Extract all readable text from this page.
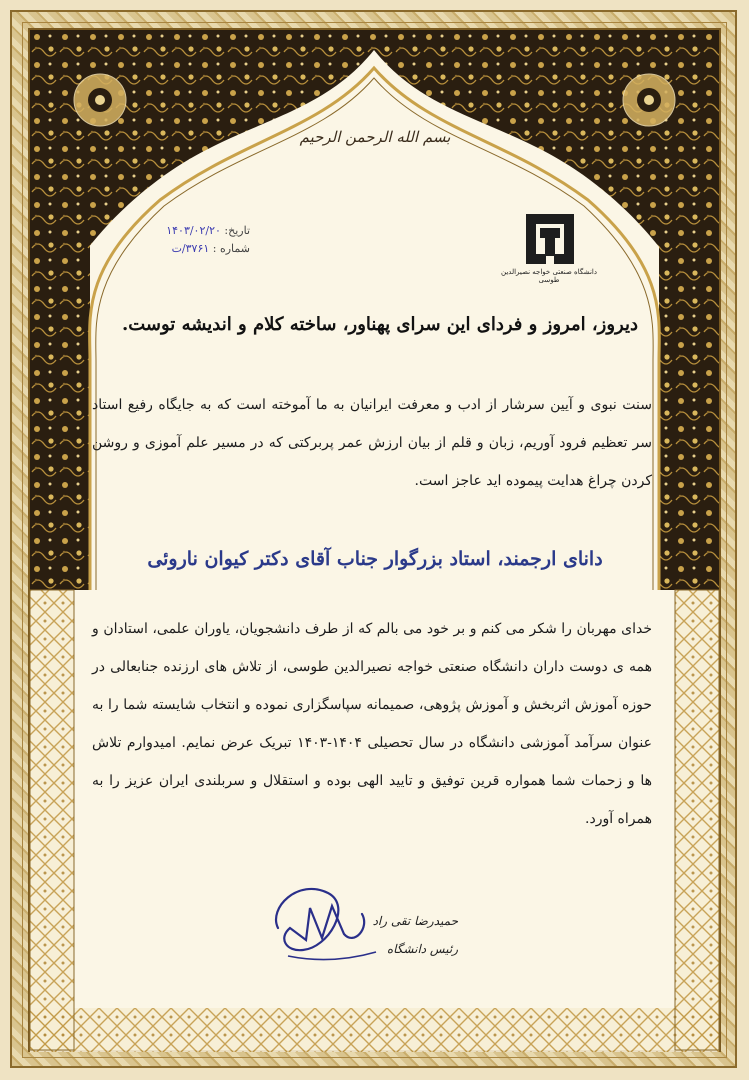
بسم الله الرحمن الرحیم
دانشگاه صنعتی خواجه نصیرالدین طوسی
تاریخ: ۱۴۰۳/۰۲/۲۰
شماره : ۳۷۶۱/ت
دیروز، امروز و فردای این سرای پهناور، ساخته کلام و اندیشه توست.
سنت نبوی و آیین سرشار از ادب و معرفت ایرانیان به ما آموخته است که به جایگاه رفیع استاد سر تعظیم فرود آوریم، زبان و قلم از بیان ارزش عمر پربرکتی که در مسیر علم آموزی و روشن کردن چراغ هدایت پیموده اید عاجز است.
دانای ارجمند، استاد بزرگوار جناب آقای دکتر کیوان ناروئی
خدای مهربان را شکر می کنم و بر خود می بالم که از طرف دانشجویان، یاوران علمی، استادان و همه ی دوست داران دانشگاه صنعتی خواجه نصیرالدین طوسی، از تلاش های ارزنده جنابعالی در حوزه آموزش اثربخش و آموزش پژوهی، صمیمانه سپاسگزاری نموده و انتخاب شایسته شما را به عنوان سرآمد آموزشی دانشگاه در سال تحصیلی ۱۴۰۴-۱۴۰۳ تبریک عرض نمایم. امیدوارم تلاش ها و زحمات شما همواره قرین توفیق و تایید الهی بوده و استقلال و سربلندی ایران عزیز را به همراه آورد.
حمیدرضا تقی راد
رئیس دانشگاه
